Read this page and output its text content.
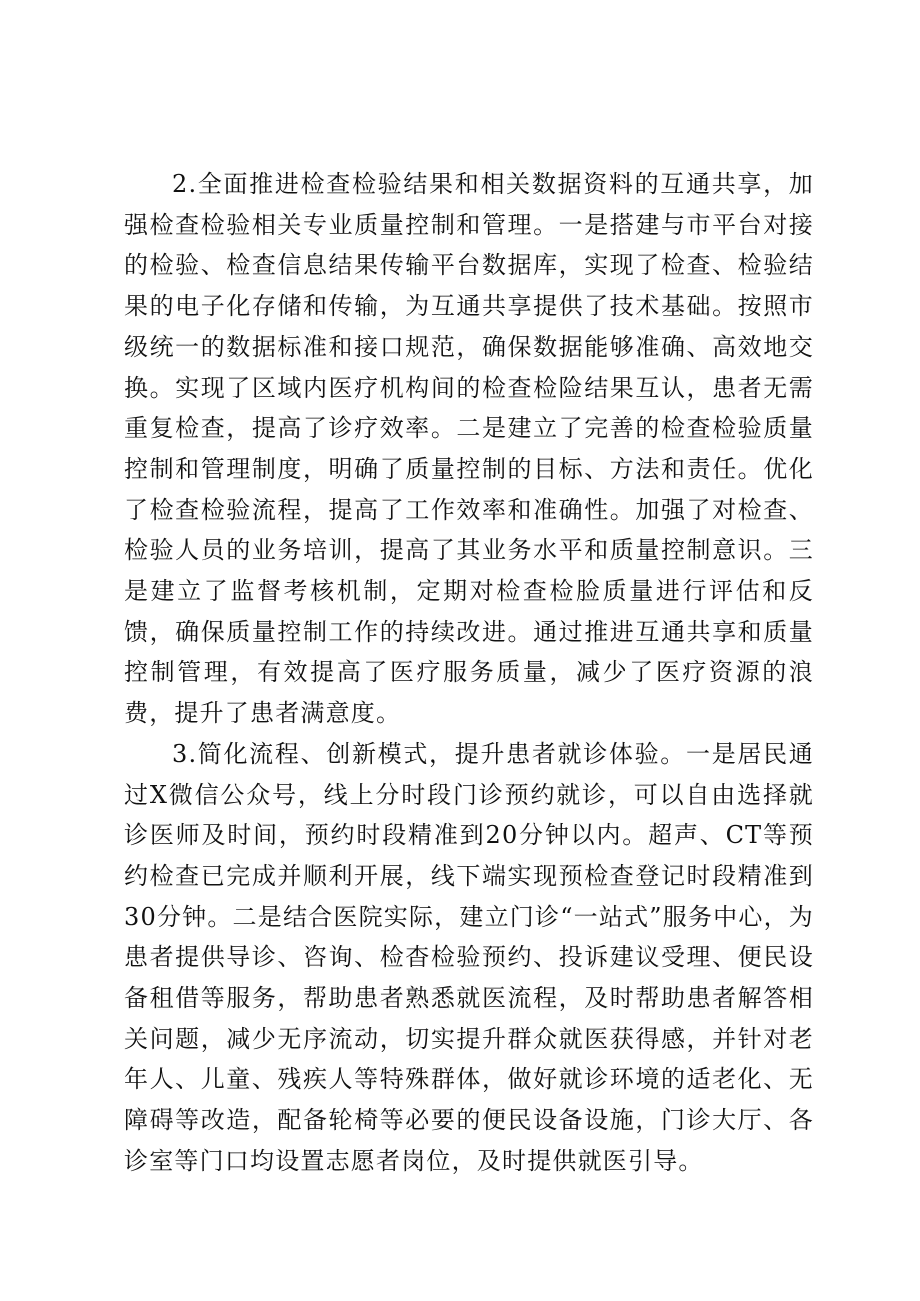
2.全面推进检查检验结果和相关数据资料的互通共享，加强检查检验相关专业质量控制和管理。一是搭建与市平台对接的检验、检查信息结果传输平台数据库，实现了检查、检验结果的电子化存储和传输，为互通共享提供了技术基础。按照市级统一的数据标准和接口规范，确保数据能够准确、高效地交换。实现了区域内医疗机构间的检查检险结果互认，患者无需重复检查，提高了诊疗效率。二是建立了完善的检查检验质量控制和管理制度，明确了质量控制的目标、方法和责任。优化了检查检验流程，提高了工作效率和准确性。加强了对检查、检验人员的业务培训，提高了其业务水平和质量控制意识。三是建立了监督考核机制，定期对检查检脸质量进行评估和反馈，确保质量控制工作的持续改进。通过推进互通共享和质量控制管理，有效提高了医疗服务质量，减少了医疗资源的浪费，提升了患者满意度。

3.简化流程、创新模式，提升患者就诊体验。一是居民通过X微信公众号，线上分时段门诊预约就诊，可以自由选择就诊医师及时间，预约时段精准到20分钟以内。超声、CT等预约检查已完成并顺利开展，线下端实现预检查登记时段精准到30分钟。二是结合医院实际，建立门诊“一站式”服务中心，为患者提供导诊、咨询、检杳检验预约、投诉建议受理、便民设备租借等服务，帮助患者熟悉就医流程，及时帮助患者解答相关问题，减少无序流动，切实提升群众就医获得感，并针对老年人、儿童、残疾人等特殊群体，做好就诊环境的适老化、无障碍等改造，配备轮椅等必要的便民设备设施，门诊大厅、各诊室等门口均设置志愿者岗位，及时提供就医引导。
